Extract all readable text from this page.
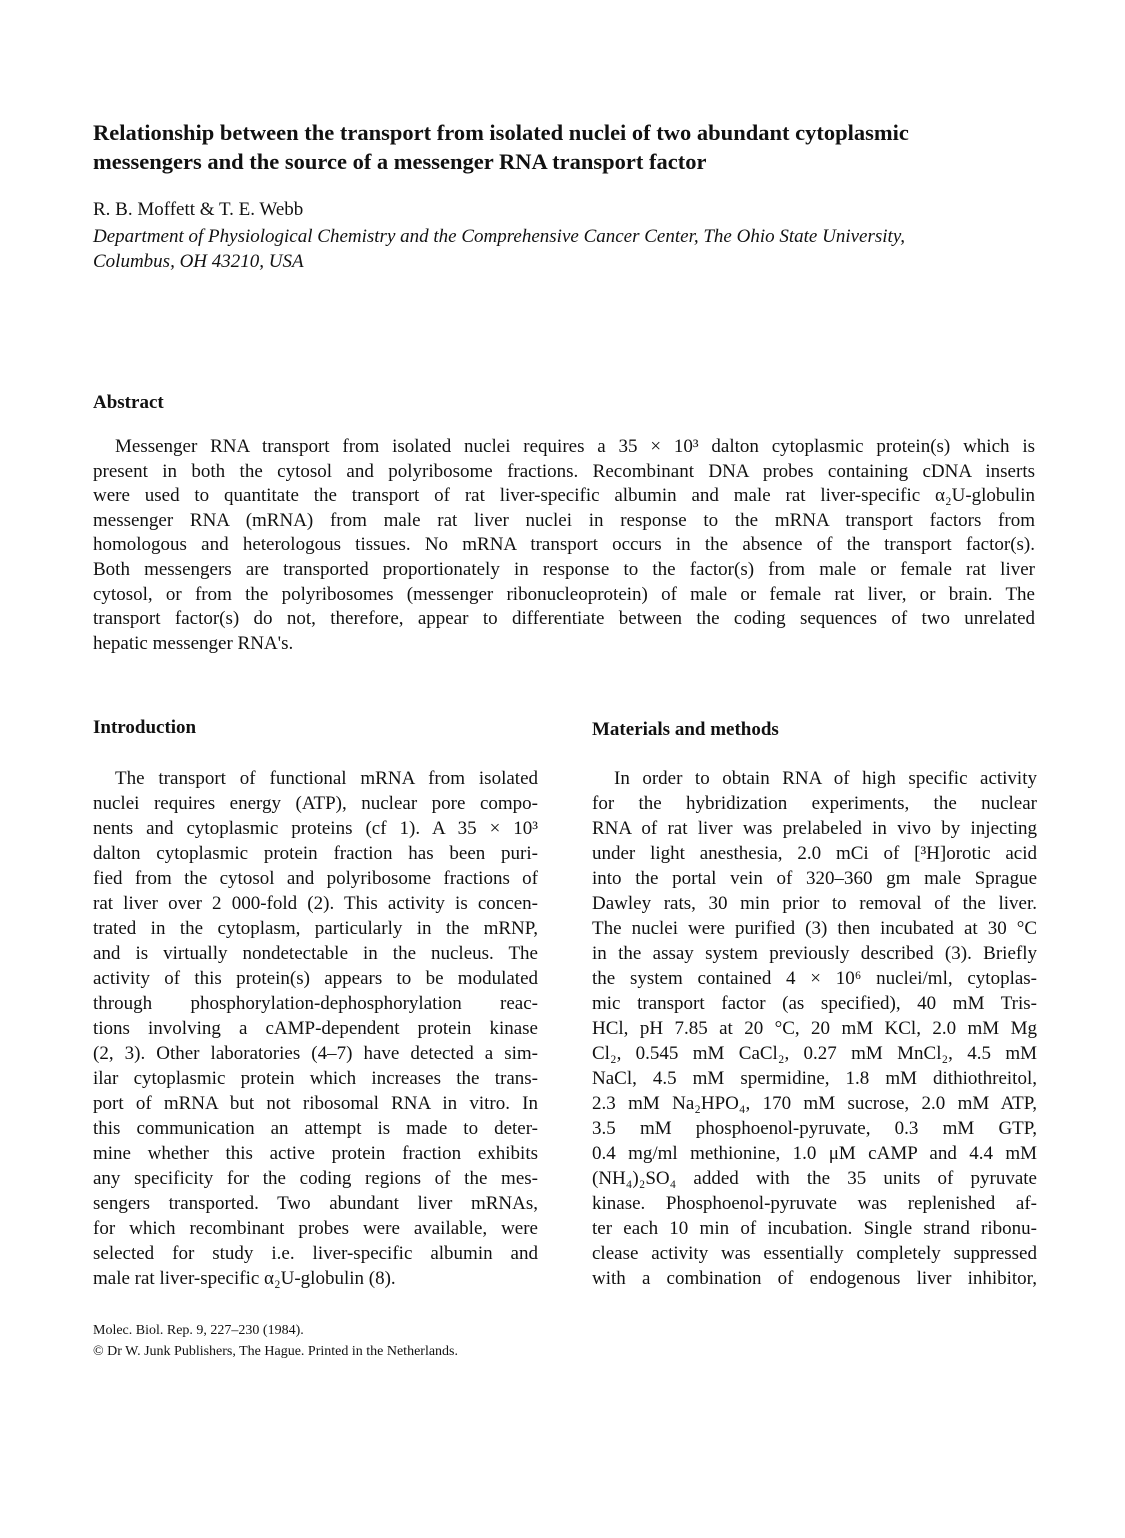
Relationship between the transport from isolated nuclei of two abundant cytoplasmic
messengers and the source of a messenger RNA transport factor
R. B. Moffett & T. E. Webb
Department of Physiological Chemistry and the Comprehensive Cancer Center, The Ohio State University,
Columbus, OH 43210, USA
Abstract
Messenger RNA transport from isolated nuclei requires a 35 × 10³ dalton cytoplasmic protein(s) which is
present in both the cytosol and polyribosome fractions. Recombinant DNA probes containing cDNA inserts
were used to quantitate the transport of rat liver-specific albumin and male rat liver-specific α₂U-globulin
messenger RNA (mRNA) from male rat liver nuclei in response to the mRNA transport factors from
homologous and heterologous tissues. No mRNA transport occurs in the absence of the transport factor(s).
Both messengers are transported proportionately in response to the factor(s) from male or female rat liver
cytosol, or from the polyribosomes (messenger ribonucleoprotein) of male or female rat liver, or brain. The
transport factor(s) do not, therefore, appear to differentiate between the coding sequences of two unrelated
hepatic messenger RNA's.
Introduction
The transport of functional mRNA from isolated
nuclei requires energy (ATP), nuclear pore compo-
nents and cytoplasmic proteins (cf 1). A 35 × 10³
dalton cytoplasmic protein fraction has been puri-
fied from the cytosol and polyribosome fractions of
rat liver over 2 000-fold (2). This activity is concen-
trated in the cytoplasm, particularly in the mRNP,
and is virtually nondetectable in the nucleus. The
activity of this protein(s) appears to be modulated
through phosphorylation-dephosphorylation reac-
tions involving a cAMP-dependent protein kinase
(2, 3). Other laboratories (4–7) have detected a sim-
ilar cytoplasmic protein which increases the trans-
port of mRNA but not ribosomal RNA in vitro. In
this communication an attempt is made to deter-
mine whether this active protein fraction exhibits
any specificity for the coding regions of the mes-
sengers transported. Two abundant liver mRNAs,
for which recombinant probes were available, were
selected for study i.e. liver-specific albumin and
male rat liver-specific α₂U-globulin (8).
Materials and methods
In order to obtain RNA of high specific activity
for the hybridization experiments, the nuclear
RNA of rat liver was prelabeled in vivo by injecting
under light anesthesia, 2.0 mCi of [³H]orotic acid
into the portal vein of 320–360 gm male Sprague
Dawley rats, 30 min prior to removal of the liver.
The nuclei were purified (3) then incubated at 30 °C
in the assay system previously described (3). Briefly
the system contained 4 × 10⁶ nuclei/ml, cytoplas-
mic transport factor (as specified), 40 mM Tris-
HCl, pH 7.85 at 20 °C, 20 mM KCl, 2.0 mM Mg
Cl₂, 0.545 mM CaCl₂, 0.27 mM MnCl₂, 4.5 mM
NaCl, 4.5 mM spermidine, 1.8 mM dithiothreitol,
2.3 mM Na₂HPO₄, 170 mM sucrose, 2.0 mM ATP,
3.5 mM phosphoenol-pyruvate, 0.3 mM GTP,
0.4 mg/ml methionine, 1.0 μM cAMP and 4.4 mM
(NH₄)₂SO₄ added with the 35 units of pyruvate
kinase. Phosphoenol-pyruvate was replenished af-
ter each 10 min of incubation. Single strand ribonu-
clease activity was essentially completely suppressed
with a combination of endogenous liver inhibitor,
Molec. Biol. Rep. 9, 227–230 (1984).
© Dr W. Junk Publishers, The Hague. Printed in the Netherlands.
